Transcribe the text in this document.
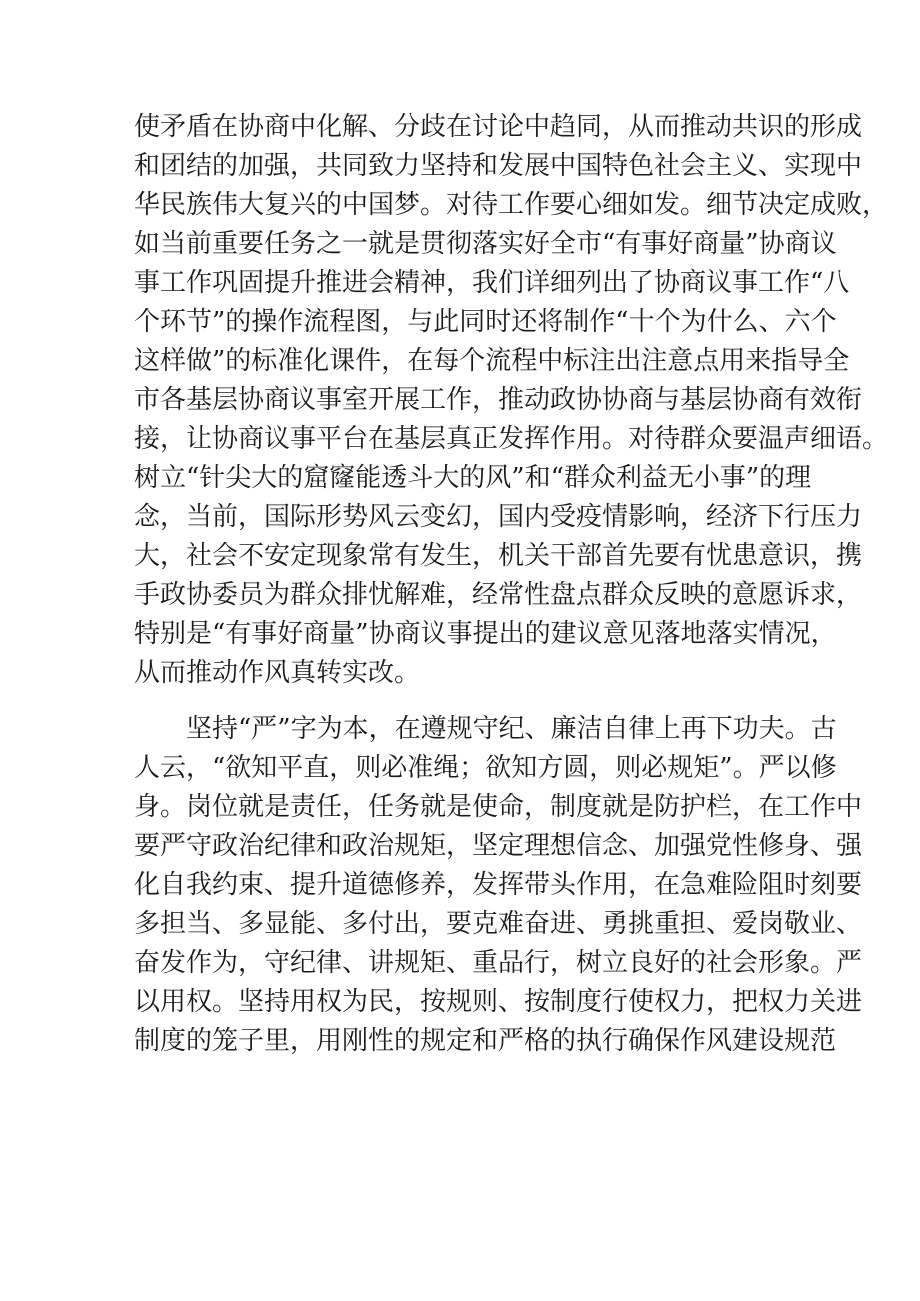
使矛盾在协商中化解、分歧在讨论中趋同，从而推动共识的形成
和团结的加强，共同致力坚持和发展中国特色社会主义、实现中
华民族伟大复兴的中国梦。对待工作要心细如发。细节决定成败，
如当前重要任务之一就是贯彻落实好全市“有事好商量”协商议
事工作巩固提升推进会精神，我们详细列出了协商议事工作“八
个环节”的操作流程图，与此同时还将制作“十个为什么、六个
这样做”的标准化课件，在每个流程中标注出注意点用来指导全
市各基层协商议事室开展工作，推动政协协商与基层协商有效衔
接，让协商议事平台在基层真正发挥作用。对待群众要温声细语。
树立“针尖大的窟窿能透斗大的风”和“群众利益无小事”的理
念，当前，国际形势风云变幻，国内受疫情影响，经济下行压力
大，社会不安定现象常有发生，机关干部首先要有忧患意识，携
手政协委员为群众排忧解难，经常性盘点群众反映的意愿诉求，
特别是“有事好商量”协商议事提出的建议意见落地落实情况，
从而推动作风真转实改。
坚持“严”字为本，在遵规守纪、廉洁自律上再下功夫。古
人云，“欲知平直，则必准绳；欲知方圆，则必规矩”。严以修
身。岗位就是责任，任务就是使命，制度就是防护栏，在工作中
要严守政治纪律和政治规矩，坚定理想信念、加强党性修身、强
化自我约束、提升道德修养，发挥带头作用，在急难险阻时刻要
多担当、多显能、多付出，要克难奋进、勇挑重担、爱岗敬业、
奋发作为，守纪律、讲规矩、重品行，树立良好的社会形象。严
以用权。坚持用权为民，按规则、按制度行使权力，把权力关进
制度的笼子里，用刚性的规定和严格的执行确保作风建设规范
